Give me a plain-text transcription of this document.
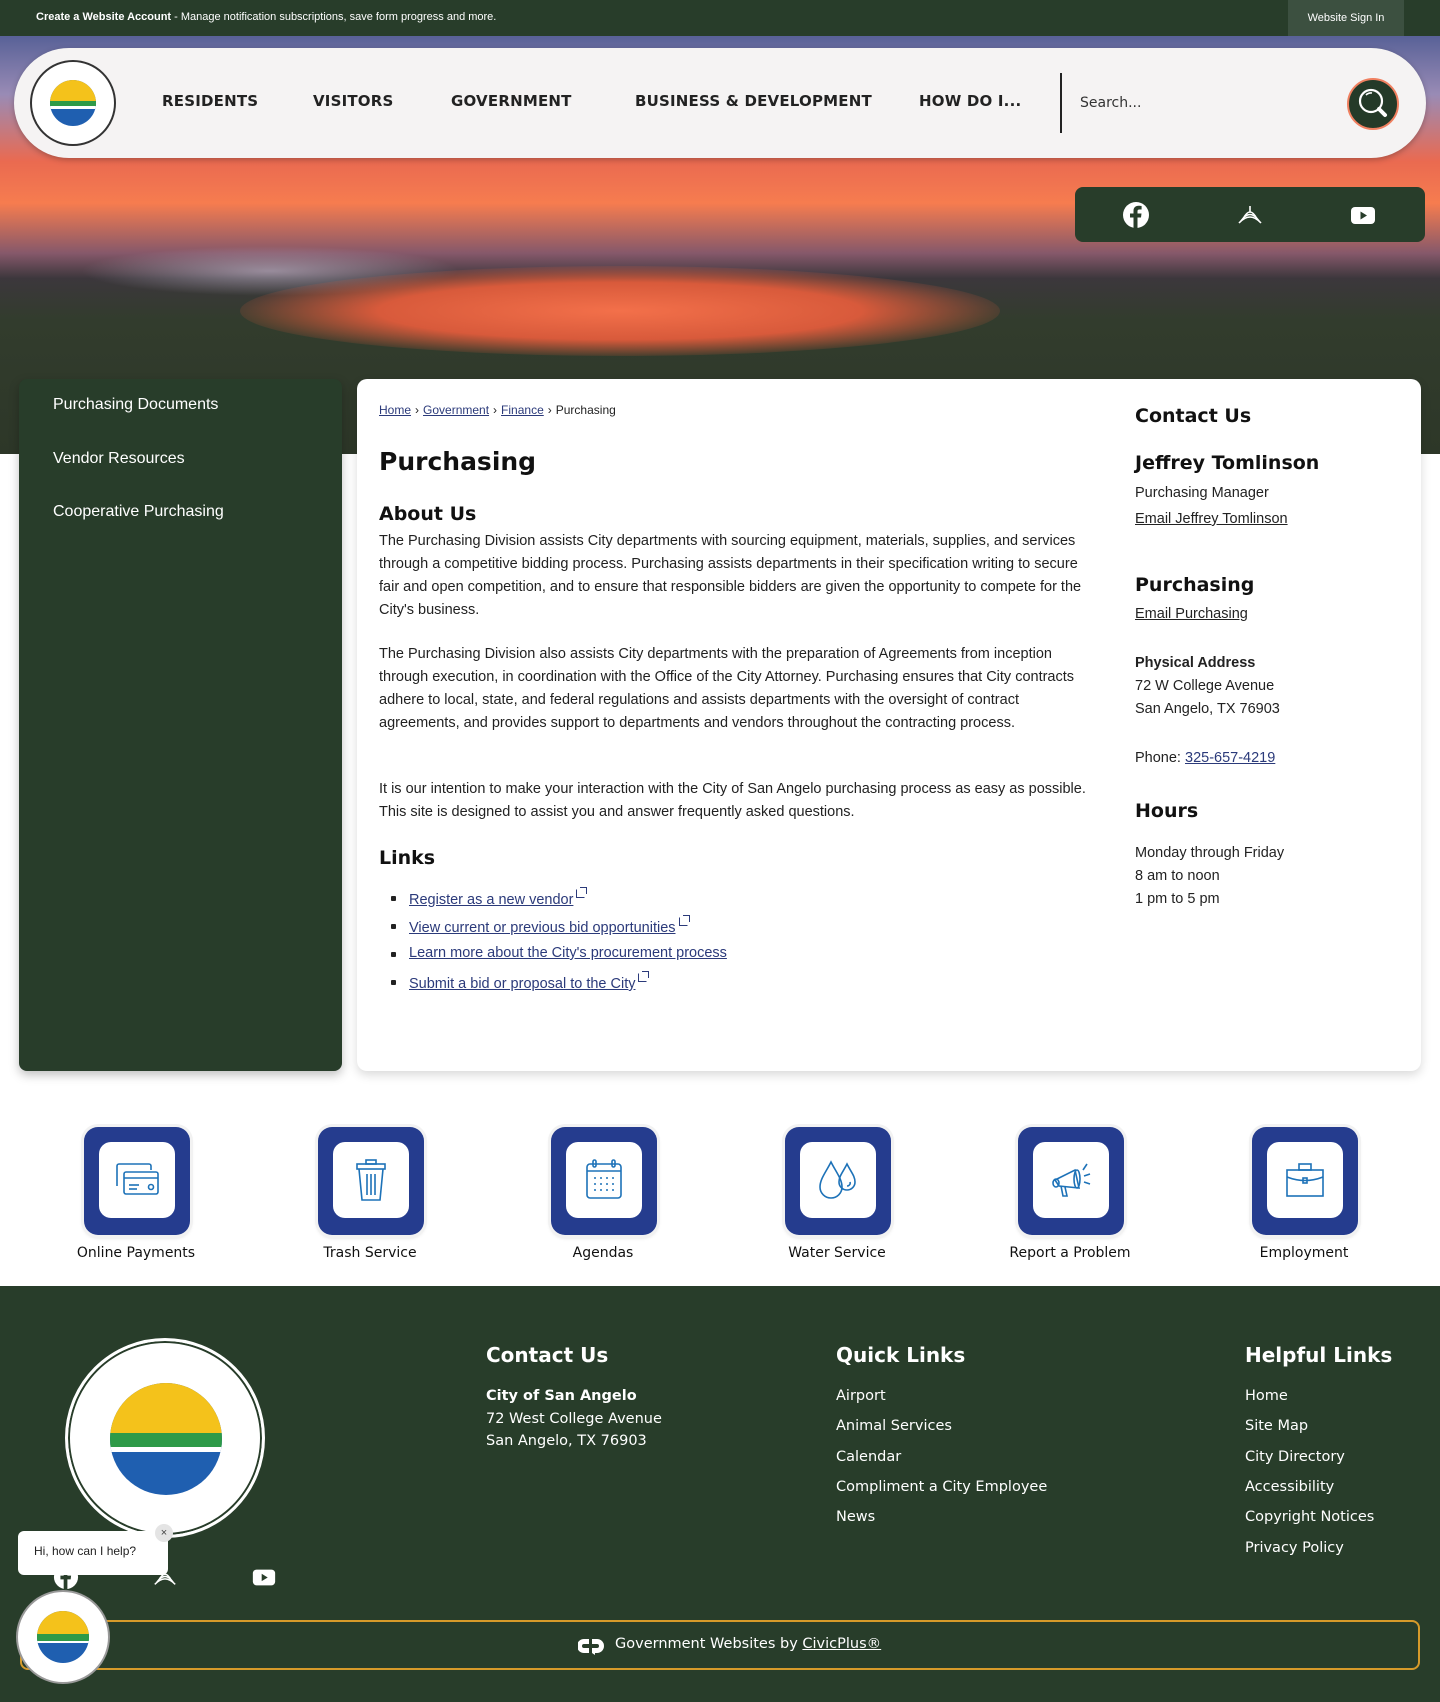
Create a Website Account - Manage notification subscriptions, save form progress and more.	Website Sign In
RESIDENTS	VISITORS	GOVERNMENT	BUSINESS & DEVELOPMENT	HOW DO I...
Search...
Purchasing Documents
Vendor Resources
Cooperative Purchasing
Home › Government › Finance › Purchasing
Purchasing
About Us

The Purchasing Division assists City departments with sourcing equipment, materials, supplies, and services through a competitive bidding process. Purchasing assists departments in their specification writing to secure fair and open competition, and to ensure that responsible bidders are given the opportunity to compete for the City's business.

The Purchasing Division also assists City departments with the preparation of Agreements from inception through execution, in coordination with the Office of the City Attorney. Purchasing ensures that City contracts adhere to local, state, and federal regulations and assists departments with the oversight of contract agreements, and provides support to departments and vendors throughout the contracting process.

It is our intention to make your interaction with the City of San Angelo purchasing process as easy as possible. This site is designed to assist you and answer frequently asked questions.

Links
Register as a new vendor
View current or previous bid opportunities
Learn more about the City's procurement process
Submit a bid or proposal to the City
Contact Us
Jeffrey Tomlinson
Purchasing Manager
Email Jeffrey Tomlinson
Purchasing
Email Purchasing
Physical Address
72 W College Avenue
San Angelo, TX 76903
Phone: 325-657-4219
Hours
Monday through Friday
8 am to noon
1 pm to 5 pm
Online Payments	Trash Service	Agendas	Water Service	Report a Problem	Employment
Contact Us
City of San Angelo
72 West College Avenue
San Angelo, TX 76903
Quick Links
Airport
Animal Services
Calendar
Compliment a City Employee
News
Helpful Links
Home
Site Map
City Directory
Accessibility
Copyright Notices
Privacy Policy
Government Websites by CivicPlus®
Hi, how can I help?
×
